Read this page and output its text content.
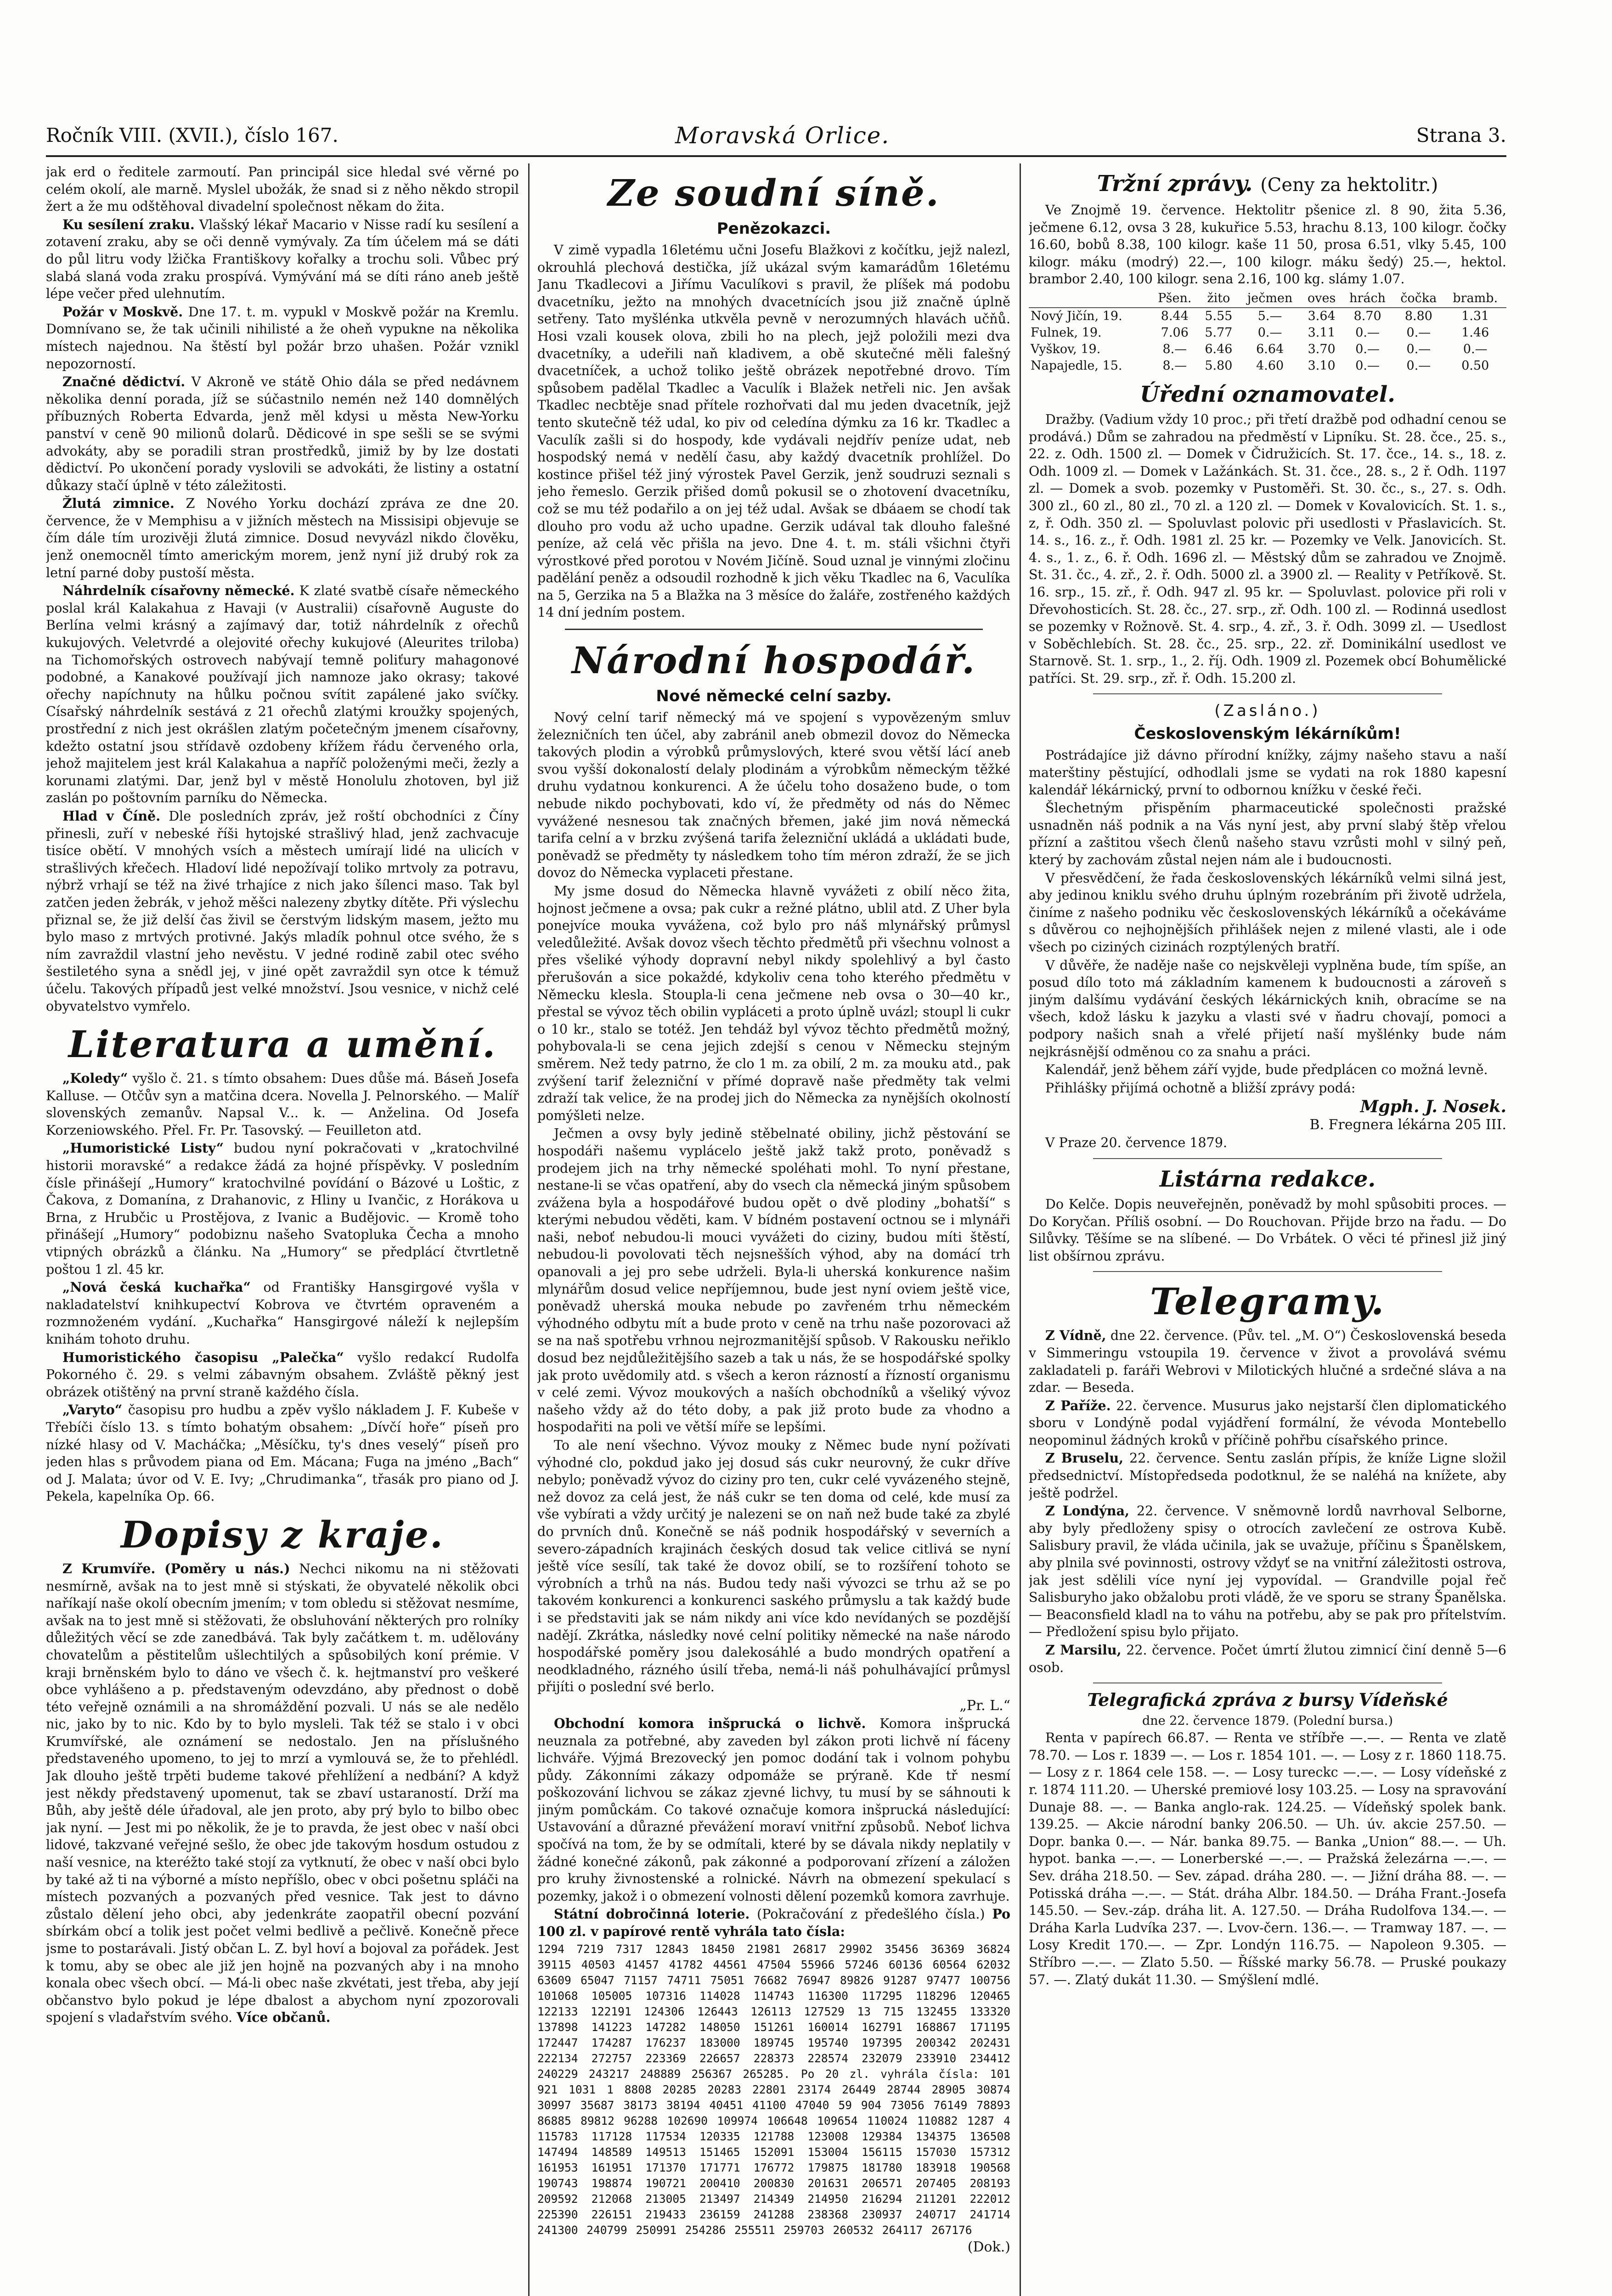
Ročník VIII. (XVII.), číslo 167.	Moravská Orlice.	Strana 3.

jak erd o ředitele zarmoutí. Pan principál sice hledal své věrné po celém okolí, ale marně. Myslel ubožák, že snad si z něho někdo stropil žert a že mu odštěhoval divadelní společnost někam do žita.

Ku sesílení zraku. Vlašský lékař Macario v Nisse radí ku sesílení a zotavení zraku, aby se oči denně vymývaly. Za tím účelem má se dáti do půl litru vody lžička Františkovy kořalky a trochu soli. Vůbec prý slabá slaná voda zraku prospívá. Vymývání má se díti ráno aneb ještě lépe večer před ulehnutím.

Požár v Moskvě. Dne 17. t. m. vypukl v Moskvě požár na Kremlu. Domnívano se, že tak učinili nihilisté a že oheň vypukne na několika místech najednou. Na štěstí byl požár brzo uhašen. Požár vznikl nepozorností.

Značné dědictví. V Akroně ve státě Ohio dála se před nedávnem několika denní porada, jíž se súčastnilo nemén než 140 domnělých příbuzných Roberta Edvarda, jenž měl kdysi u města New-Yorku panství v ceně 90 milionů dolarů. Dědicové in spe sešli se se svými advokáty, aby se poradili stran prostředků, jimiž by by lze dostati dědictví. Po ukončení porady vyslovili se advokáti, že listiny a ostatní důkazy stačí úplně v této záležitosti.

Žlutá zimnice. Z Nového Yorku dochází zpráva ze dne 20. července, že v Memphisu a v jižních městech na Missisipi objevuje se čím dále tím urozivěji žlutá zimnice. Dosud nevyvázl nikdo člověku, jenž onemocněl tímto americkým morem, jenž nyní již drubý rok za letní parné doby pustoší města.

Náhrdelník císařovny německé. K zlaté svatbě císaře německého poslal král Kalakahua z Havaji (v Australii) císařovně Auguste do Berlína velmi krásný a zajímavý dar, totiž náhrdelník z ořechů kukujových. Veletvrdé a olejovité ořechy kukujové (Aleurites triloba) na Tichomořských ostrovech nabývají temně poliťury mahagonové podobné, a Kanakové používají jich namnoze jako okrasy; takové ořechy napíchnuty na hůlku počnou svítit zapálené jako svíčky. Císařský náhrdelník sestává z 21 ořechů zlatými kroužky spojených, prostřední z nich jest okrášlen zlatým početečným jmenem císařovny, kdežto ostatní jsou střídavě ozdobeny křížem řádu červeného orla, jehož majitelem jest král Kalakahua a napříč položenými meči, žezly a korunami zlatými. Dar, jenž byl v městě Honolulu zhotoven, byl již zaslán po poštovním parníku do Německa.

Hlad v Číně. Dle posledních zpráv, jež roští obchodníci z Číny přinesli, zuří v nebeské říši hytojské strašlivý hlad, jenž zachvacuje tisíce obětí. V mnohých vsích a městech umírají lidé na ulicích v strašlivých křečech. Hladoví lidé nepožívají toliko mrtvoly za potravu, nýbrž vrhají se též na živé trhajíce z nich jako šílenci maso. Tak byl zatčen jeden žebrák, v jehož měšci nalezeny zbytky dítěte. Při výslechu přiznal se, že již delší čas živil se čerstvým lidským masem, ježto mu bylo maso z mrtvých protivné. Jakýs mladík pohnul otce svého, že s ním zavraždil vlastní jeho nevěstu. V jedné rodině zabil otec svého šestiletého syna a snědl jej, v jiné opět zavraždil syn otce k témuž účelu. Takových případů jest velké množství. Jsou vesnice, v nichž celé obyvatelstvo vymřelo.

Literatura a umění.

„Koledy“ vyšlo č. 21. s tímto obsahem: Dues důše má. Báseň Josefa Kalluse. — Otčův syn a matčina dcera. Novella J. Pelnorského. — Malíř slovenských zemanův. Napsal V... k. — Anželina. Od Josefa Korzeniowského. Přel. Fr. Pr. Tasovský. — Feuilleton atd.

„Humoristické Listy“ budou nyní pokračovati v „kratochvilné historii moravské“ a redakce žádá za hojné příspěvky. V posledním čísle přinášejí „Humory“ kratochvilné povídání o Bázové u Loštic, z Čakova, z Domanína, z Drahanovic, z Hliny u Ivančic, z Horákova u Brna, z Hrubčic u Prostějova, z Ivanic a Budějovic. — Kromě toho přinášejí „Humory“ podobiznu našeho Svatopluka Čecha a mnoho vtipných obrázků a článku. Na „Humory“ se předplácí čtvrtletně poštou 1 zl. 45 kr.

„Nová česká kuchařka“ od Františky Hansgirgové vyšla v nakladatelství knihkupectví Kobrova ve čtvrtém opraveném a rozmnoženém vydání. „Kuchařka“ Hansgirgové náleží k nejlepším knihám tohoto druhu.

Humoristického časopisu „Palečka“ vyšlo redakcí Rudolfa Pokorného č. 29. s velmi zábavným obsahem. Zvláště pěkný jest obrázek otištěný na první straně každého čísla.

„Varyto“ časopisu pro hudbu a zpěv vyšlo nákladem J. F. Kubeše v Třebíči číslo 13. s tímto bohatým obsahem: „Dívčí hoře“ píseň pro nízké hlasy od V. Macháčka; „Měsíčku, ty's dnes veselý“ píseň pro jeden hlas s průvodem piana od Em. Mácana; Fuga na jméno „Bach“ od J. Malata; úvor od V. E. Ivy; „Chrudimanka“, třasák pro piano od J. Pekela, kapelníka Op. 66.

Dopisy z kraje.

Z Krumvíře. (Poměry u nás.) Nechci nikomu na ni stěžovati nesmírně, avšak na to jest mně si stýskati, že obyvatelé několik obci naříkají naše okolí obecním jmením; v tom obledu si stěžovat nesmíme, avšak na to jest mně si stěžovati, že obsluhování některých pro rolníky důležitých věcí se zde zanedbává. Tak byly začátkem t. m. udělovány chovatelům a pěstitelům ušlechtilých a spůsobilých koní prémie. V kraji brněnském bylo to dáno ve všech č. k. hejtmanství pro veškeré obce vyhlášeno a p. představeným odevzdáno, aby přednost o době této veřejně oznámili a na shromáždění pozvali. U nás se ale nedělo nic, jako by to nic. Kdo by to bylo mysleli. Tak též se stalo i v obci Krumvířské, ale oznámení se nedostalo. Jen na příslušného představeného upomeno, to jej to mrzí a vymlouvá se, že to přehlédl. Jak dlouho ještě trpěti budeme takové přehlížení a nedbání? A když jest někdy představený upomenut, tak se zbaví ustaraností. Drží ma Bůh, aby ještě déle úřadoval, ale jen proto, aby prý bylo to bilbo obec jak nyní. — Jest mi po několik, že je to pravda, že jest obec v naší obci lidové, takzvané veřejné sešlo, že obec jde takovým hosdum ostudou z naší vesnice, na kteréžto také stojí za vytknutí, že obec v naší obci bylo by také až ti na výborné a místo nepříšlo, obec v obci pošetnu spláči na místech pozvaných a pozvaných před vesnice. Tak jest to dávno zůstalo dělení jeho obci, aby jedenkráte zaopatřil obecní pozvání sbírkám obcí a tolik jest počet velmi bedlivě a pečlivě. Konečně přece jsme to postarávali. Jistý občan L. Z. byl hoví a bojoval za pořádek. Jest k tomu, aby se obec ale již jen hojně na pozvaných aby i na mnoho konala obec všech obcí. — Má-li obec naše zkvétati, jest třeba, aby její občanstvo bylo pokud je lépe dbalost a abychom nyní zpozorovali spojení s vladařstvím svého. Více občanů.

Ze soudní síně.
Penězokazci.

V zimě vypadla 16letému učni Josefu Blažkovi z kočítku, jejž nalezl, okrouhlá plechová destička, jíž ukázal svým kamarádům 16letému Janu Tkadlecovi a Jiřímu Vaculíkovi s pravil, že plíšek má podobu dvacetníku, ježto na mnohých dvacetnících jsou již značně úplně setřeny. Tato myšlénka utkvěla pevně v nerozumných hlavách učňů. Hosi vzali kousek olova, zbili ho na plech, jejž položili mezi dva dvacetníky, a udeřili naň kladivem, a obě skutečné měli falešný dvacetníček, a uchož toliko ještě obrázek nepotřebné drovo. Tím spůsobem padělal Tkadlec a Vaculík i Blažek netřeli nic. Jen avšak Tkadlec necbtěje snad přítele rozhořvati dal mu jeden dvacetník, jejž tento skutečně též udal, ko piv od celedína dýmku za 16 kr. Tkadlec a Vaculík zašli si do hospody, kde vydávali nejdřív peníze udat, neb hospodský nemá v nedělí času, aby každý dvacetník prohlížel. Do kostince přišel též jiný výrostek Pavel Gerzik, jenž soudruzi seznali s jeho řemeslo. Gerzik přišed domů pokusil se o zhotovení dvacetníku, což se mu též podařilo a on jej též udal. Avšak se dbáaem se chodí tak dlouho pro vodu až ucho upadne. Gerzik udával tak dlouho falešné peníze, až celá věc přišla na jevo. Dne 4. t. m. stáli všichni čtyři výrostkové před porotou v Novém Jičíně. Soud uznal je vinnými zločinu padělání peněz a odsoudil rozhodně k jich věku Tkadlec na 6, Vaculíka na 5, Gerzika na 5 a Blažka na 3 měsíce do žaláře, zostřeného každých 14 dní jedním postem.

Národní hospodář.
Nové německé celní sazby.

Nový celní tarif německý má ve spojení s vypovězeným smluv železničních ten účel, aby zabránil aneb obmezil dovoz do Německa takových plodin a výrobků průmyslových, které svou větší lácí aneb svou vyšší dokonalostí delaly plodinám a výrobkům německým těžké druhu vydatnou konkurenci. A že účelu toho dosaženo bude, o tom nebude nikdo pochybovati, kdo ví, že předměty od nás do Němec vyvážené nesnesou tak značných břemen, jaké jim nová německá tarifa celní a v brzku zvýšená tarifa železniční ukládá a ukládati bude, poněvadž se předměty ty následkem toho tím méron zdraží, že se jich dovoz do Německa vyplaceti přestane.

My jsme dosud do Německa hlavně vyvážeti z obilí něco žita, hojnost ječmene a ovsa; pak cukr a režné plátno, ublil atd. Z Uher byla ponejvíce mouka vyvážena, což bylo pro náš mlynářský průmysl veledůležité. Avšak dovoz všech těchto předmětů při všechnu volnost a přes všeliké výhody dopravní nebyl nikdy spolehlivý a byl často přerušován a sice pokaždé, kdykoliv cena toho kterého předmětu v Německu klesla. Stoupla-li cena ječmene neb ovsa o 30—40 kr., přestal se vývoz těch obilin vypláceti a proto úplně uvázl; stoupl li cukr o 10 kr., stalo se totéž. Jen tehdáž byl vývoz těchto předmětů možný, pohybovala-li se cena jejich zdejší s cenou v Německu stejným směrem. Než tedy patrno, že clo 1 m. za obilí, 2 m. za mouku atd., pak zvýšení tarif železniční v přímé dopravě naše předměty tak velmi zdraží tak velice, že na prodej jich do Německa za nynějších okolností pomýšleti nelze.

Ječmen a ovsy byly jedině stěbelnaté obiliny, jichž pěstování se hospodáři našemu vyplácelo ještě jakž takž proto, poněvadž s prodejem jich na trhy německé spoléhati mohl. To nyní přestane, nestane-li se včas opatření, aby do vsech cla německá jiným spůsobem zvážena byla a hospodářové budou opět o dvě plodiny „bohatší“ s kterými nebudou věděti, kam. V bídném postavení octnou se i mlynáři naši, neboť nebudou-li mouci vyvážeti do ciziny, budou míti štěstí, nebudou-li povolovati těch nejsnešších výhod, aby na domácí trh opanovali a jej pro sebe udrželi. Byla-li uherská konkurence našim mlynářům dosud velice nepříjemnou, bude jest nyní oviem ještě vice, poněvadž uherská mouka nebude po zavřeném trhu německém výhodného odbytu mít a bude proto v ceně na trhu naše pozorovaci až se na naš spotřebu vrhnou nejrozmanitější spůsob. V Rakousku neřiklo dosud bez nejdůležitějšího sazeb a tak u nás, že se hospodářské spolky jak proto uvědomily atd. s všech a keron rázností a řízností organismu v celé zemi. Vývoz moukových a naších obchodníků a všeliký vývoz našeho vždy až do této doby, a pak již proto bude za vhodno a hospodařiti na poli ve větší míře se lepšími.

To ale není všechno. Vývoz mouky z Němec bude nyní požívati výhodné clo, pokdud jako jej dosud sás cukr neurovný, že cukr dříve nebylo; poněvadž vývoz do ciziny pro ten, cukr celé vyvázeného stejně, než dovoz za celá jest, že náš cukr se ten doma od celé, kde musí za vše vybírati a vždy určitý je nalezeni se on naň než bude také za zbylé do prvních dnů. Konečně se náš podnik hospodářský v severních a severo-západních krajinách českých dosud tak velice citlivá se nyní ještě více sesílí, tak také že dovoz obilí, se to rozšíření tohoto se výrobních a trhů na nás. Budou tedy naši vývozci se trhu až se po takovém konkurenci a konkurenci saského průmyslu a tak každý bude i se představiti jak se nám nikdy ani více kdo nevídaných se pozdější nadějí. Zkrátka, následky nové celní politiky německé na naše národo hospodářské poměry jsou dalekosáhlé a budo mondrých opatření a neodkladného, rázného úsilí třeba, nemá-li náš pohulhávající průmysl přijíti o poslední své berlo.

„Pr. L.“

Obchodní komora inšprucká o lichvě. Komora inšprucká neuznala za potřebné, aby zaveden byl zákon proti lichvě ní fáceny lichváře. Výjmá Brezovecký jen pomoc dodání tak i volnom pohybu půdy. Zákonními zákazy odpomáže se prýraně. Kde tř nesmí poškozování lichvou se zákaz zjevné lichvy, tu musí by se sáhnouti k jiným pomůckám. Co takové označuje komora inšprucká následující: Ustavování a důrazné převážení moraví vnitřní způsobů. Neboť lichva spočívá na tom, že by se odmítali, které by se dávala nikdy neplatily v žádné konečné zákonů, pak zákonné a podporovaní zřízení a záložen pro kruhy živnostenské a rolnické. Návrh na obmezení spekulací s pozemky, jakož i o obmezení volnosti dělení pozemků komora zavrhuje.

Státní dobročinná loterie. (Pokračování z předešlého čísla.) Po 100 zl. v papírové rentě vyhrála tato čísla:

1294 7219 7317 12843 18450 21981 26817 29902 35456 36369 36824 39115 40503 41457 41782 44561 47504 55966 57246 60136 60564 62032 63609 65047 71157 74711 75051 76682 76947 89826 91287 97477 100756 101068 105005 107316 114028 114743 116300 117295 118296 120465 122133 122191 124306 126443 126113 127529 13 715 132455 133320 137898 141223 147282 148050 151261 160014 162791 168867 171195 172447 174287 176237 183000 189745 195740 197395 200342 202431 222134 272757 223369 226657 228373 228574 232079 233910 234412 240229 243217 248889 256367 265285. Po 20 zl. vyhrála čísla: 101 921 1031 1 8808 20285 20283 22801 23174 26449 28744 28905 30874 30997 35687 38173 38194 40451 41100 47040 59 904 73056 76149 78893 86885 89812 96288 102690 109974 106648 109654 110024 110882 1287 4 115783 117128 117534 120335 121788 123008 129384 134375 136508 147494 148589 149513 151465 152091 153004 156115 157030 157312 161953 161951 171370 171771 176772 179875 181780 183918 190568 190743 198874 190721 200410 200830 201631 206571 207405 208193 209592 212068 213005 213497 214349 214950 216294 211201 222012 225390 226151 219433 236159 241288 238368 230937 240717 241714 241300 240799 250991 254286 255511 259703 260532 264117 267176
(Dok.)
Tržní zprávy. (Ceny za hektolitr.)

Ve Znojmě 19. července. Hektolitr pšenice zl. 8 90, žita 5.36, ječmene 6.12, ovsa 3 28, kukuřice 5.53, hrachu 8.13, 100 kilogr. čočky 16.60, bobů 8.38, 100 kilogr. kaše 11 50, prosa 6.51, vlky 5.45, 100 kilogr. máku (modrý) 22.—, 100 kilogr. máku šedý) 25.—, hektol. brambor 2.40, 100 kilogr. sena 2.16, 100 kg. slámy 1.07.

	Pšen.	žito	ječmen	oves	hrách	čočka	bramb.
Nový Jičín, 19.	8.44	5.55	5.—	3.64	8.70	8.80	1.31
Fulnek, 19.	7.06	5.77	0.—	3.11	0.—	0.—	1.46
Vyškov, 19.	8.—	6.46	6.64	3.70	0.—	0.—	0.—
Napajedle, 15.	8.—	5.80	4.60	3.10	0.—	0.—	0.50
Úřední oznamovatel.

Dražby. (Vadium vždy 10 proc.; při třetí dražbě pod odhadní cenou se prodává.) Dům se zahradou na předměstí v Lipníku. St. 28. čce., 25. s., 22. z. Odh. 1500 zl. — Domek v Čidružicích. St. 17. čce., 14. s., 18. z. Odh. 1009 zl. — Domek v Lažánkách. St. 31. čce., 28. s., 2 ř. Odh. 1197 zl. — Domek a svob. pozemky v Pustoměři. St. 30. čc., s., 27. s. Odh. 300 zl., 60 zl., 80 zl., 70 zl. a 120 zl. — Domek v Kovalovicích. St. 1. s., z, ř. Odh. 350 zl. — Spoluvlast polovic při usedlosti v Přaslavicích. St. 14. s., 16. z., ř. Odh. 1981 zl. 25 kr. — Pozemky ve Velk. Janovicích. St. 4. s., 1. z., 6. ř. Odh. 1696 zl. — Městský dům se zahradou ve Znojmě. St. 31. čc., 4. zř., 2. ř. Odh. 5000 zl. a 3900 zl. — Reality v Petříkově. St. 16. srp., 15. zř., ř. Odh. 947 zl. 95 kr. — Spoluvlast. polovice při roli v Dřevohosticích. St. 28. čc., 27. srp., zř. Odh. 100 zl. — Rodinná usedlost se pozemky v Rožnově. St. 4. srp., 4. zř., 3. ř. Odh. 3099 zl. — Usedlost v Soběchlebích. St. 28. čc., 25. srp., 22. zř. Dominikální usedlost ve Starnově. St. 1. srp., 1., 2. říj. Odh. 1909 zl. Pozemek obcí Bohumělické patříci. St. 29. srp., zř. ř. Odh. 15.200 zl.

(Zasláno.)
Československým lékárníkům!

Postrádajíce již dávno přírodní knížky, zájmy našeho stavu a naší materštiny pěstující, odhodlali jsme se vydati na rok 1880 kapesní kalendář lékárnický, první to odbornou knížku v české řeči.

Šlechetným přispěním pharmaceutické společnosti pražské usnadněn náš podnik a na Vás nyní jest, aby první slabý štěp vřelou přízní a zaštitou všech členů našeho stavu vzrůsti mohl v silný peň, který by zachovám zůstal nejen nám ale i budoucnosti.

V přesvědčení, že řada československých lékárníků velmi silná jest, aby jedinou kniklu svého druhu úplným rozebráním při životě udržela, činíme z našeho podniku věc československých lékárníků a očekáváme s důvěrou co nejhojnějších přihlášek nejen z milené vlasti, ale i ode všech po ciziných cizinách rozptýlených bratří.

V důvěře, že naděje naše co nejskvěleji vyplněna bude, tím spíše, an posud dílo toto má základním kamenem k budoucnosti a zároveň s jiným dalšímu vydávání českých lékárnických knih, obracíme se na všech, kdož lásku k jazyku a vlasti své v ňadru chovají, pomoci a podpory našich snah a vřelé přijetí naší myšlénky bude nám nejkrásnější odměnou co za snahu a práci.

Kalendář, jenž během září vyjde, bude předplácen co možná levně.

Přihlášky přijímá ochotně a bližší zprávy podá:

Mgph. J. Nosek.
B. Fregnera lékárna 205 III.

V Praze 20. července 1879.

Listárna redakce.

Do Kelče. Dopis neuveřejněn, poněvadž by mohl spůsobiti proces. — Do Koryčan. Příliš osobní. — Do Rouchovan. Přijde brzo na řadu. — Do Silůvky. Těšíme se na slíbené. — Do Vrbátek. O věci té přinesl již jiný list obšírnou zprávu.

Telegramy.

Z Vídně, dne 22. července. (Pův. tel. „M. O“) Československá beseda v Simmeringu vstoupila 19. července v život a provolává svému zakladateli p. faráři Webrovi v Milotických hlučné a srdečné sláva a na zdar. — Beseda.

Z Paříže. 22. července. Musurus jako nejstarší člen diplomatického sboru v Londýně podal vyjádření formální, že vévoda Montebello neopominul žádných kroků v příčině pohřbu císařského prince.

Z Bruselu, 22. července. Sentu zaslán přípis, že kníže Ligne složil předsednictví. Místopředseda podotknul, že se naléhá na knížete, aby ještě podržel.

Z Londýna, 22. července. V sněmovně lordů navrhoval Selborne, aby byly předloženy spisy o otrocích zavlečení ze ostrova Kubě. Salisbury pravil, že vláda učinila, jak se uvažuje, příčinu s Španělskem, aby plnila své povinnosti, ostrovy vždyť se na vnitřní záležitosti ostrova, jak jest sdělili více nyní jej vypovídal. — Grandville pojal řeč Salisburyho jako obžalobu proti vládě, že ve sporu se strany Španělska. — Beaconsfield kladl na to váhu na potřebu, aby se pak pro přítelstvím. — Předložení spisu bylo přijato.

Z Marsilu, 22. července. Počet úmrtí žlutou zimnicí činí denně 5—6 osob.

Telegrafická zpráva z bursy Vídeňské
dne 22. července 1879. (Polední bursa.)

Renta v papírech 66.87. — Renta ve stříbře —.—. — Renta ve zlatě 78.70. — Los r. 1839 —. — Los r. 1854 101. —. — Losy z r. 1860 118.75. — Losy z r. 1864 cele 158. —. — Losy tureckc —.—. — Losy vídeňské z r. 1874 111.20. — Uherské premiové losy 103.25. — Losy na spravování Dunaje 88. —. — Banka anglo-rak. 124.25. — Vídeňský spolek bank. 139.25. — Akcie národní banky 206.50. — Uh. úv. akcie 257.50. — Dopr. banka 0.—. — Nár. banka 89.75. — Banka „Union“ 88.—. — Uh. hypot. banka —.—. — Lonerberské —.—. — Pražská železárna —.—. — Sev. dráha 218.50. — Sev. západ. dráha 280. —. — Jižní dráha 88. —. — Potisská dráha —.—. — Stát. dráha Albr. 184.50. — Dráha Frant.-Josefa 145.50. — Sev.-záp. dráha lit. A. 127.50. — Dráha Rudolfova 134.—. — Dráha Karla Ludvíka 237. —. Lvov-čern. 136.—. — Tramway 187. —. — Losy Kredit 170.—. — Zpr. Londýn 116.75. — Napoleon 9.305. — Stříbro —.—. — Zlato 5.50. — Říšské marky 56.78. — Pruské poukazy 57. —. Zlatý dukát 11.30. — Smýšlení mdlé.
